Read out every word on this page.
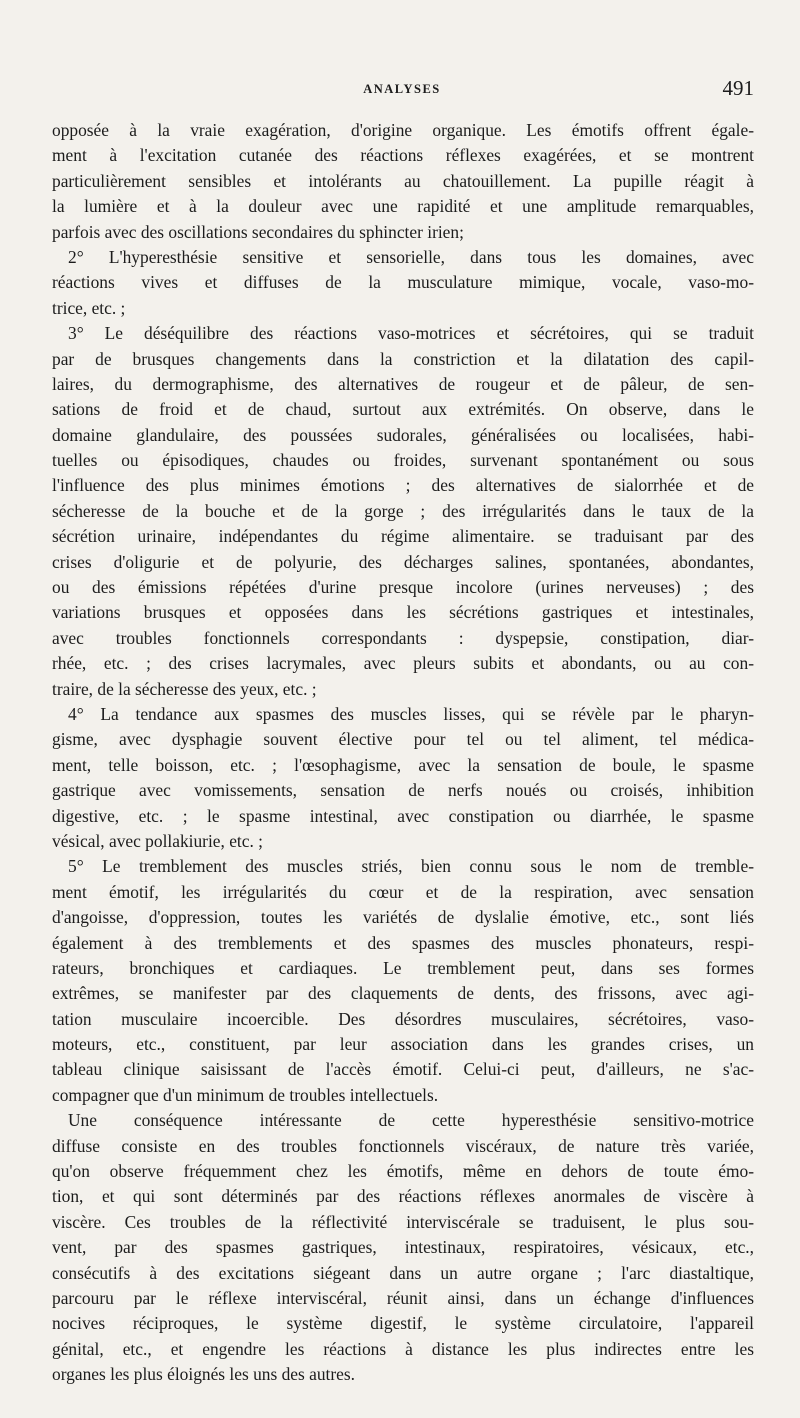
ANALYSES	491
opposée à la vraie exagération, d'origine organique. Les émotifs offrent égale-
ment à l'excitation cutanée des réactions réflexes exagérées, et se montrent
particulièrement sensibles et intolérants au chatouillement. La pupille réagit à
la lumière et à la douleur avec une rapidité et une amplitude remarquables,
parfois avec des oscillations secondaires du sphincter irien;
2° L'hyperesthésie sensitive et sensorielle, dans tous les domaines, avec
réactions vives et diffuses de la musculature mimique, vocale, vaso-mo-
trice, etc. ;
3° Le déséquilibre des réactions vaso-motrices et sécrétoires, qui se traduit
par de brusques changements dans la constriction et la dilatation des capil-
laires, du dermographisme, des alternatives de rougeur et de pâleur, de sen-
sations de froid et de chaud, surtout aux extrémités. On observe, dans le
domaine glandulaire, des poussées sudorales, généralisées ou localisées, habi-
tuelles ou épisodiques, chaudes ou froides, survenant spontanément ou sous
l'influence des plus minimes émotions ; des alternatives de sialorrhée et de
sécheresse de la bouche et de la gorge ; des irrégularités dans le taux de la
sécrétion urinaire, indépendantes du régime alimentaire. se traduisant par des
crises d'oligurie et de polyurie, des décharges salines, spontanées, abondantes,
ou des émissions répétées d'urine presque incolore (urines nerveuses) ; des
variations brusques et opposées dans les sécrétions gastriques et intestinales,
avec troubles fonctionnels correspondants : dyspepsie, constipation, diar-
rhée, etc. ; des crises lacrymales, avec pleurs subits et abondants, ou au con-
traire, de la sécheresse des yeux, etc. ;
4° La tendance aux spasmes des muscles lisses, qui se révèle par le pharyn-
gisme, avec dysphagie souvent élective pour tel ou tel aliment, tel médica-
ment, telle boisson, etc. ; l'œsophagisme, avec la sensation de boule, le spasme
gastrique avec vomissements, sensation de nerfs noués ou croisés, inhibition
digestive, etc. ; le spasme intestinal, avec constipation ou diarrhée, le spasme
vésical, avec pollakiurie, etc. ;
5° Le tremblement des muscles striés, bien connu sous le nom de tremble-
ment émotif, les irrégularités du cœur et de la respiration, avec sensation
d'angoisse, d'oppression, toutes les variétés de dyslalie émotive, etc., sont liés
également à des tremblements et des spasmes des muscles phonateurs, respi-
rateurs, bronchiques et cardiaques. Le tremblement peut, dans ses formes
extrêmes, se manifester par des claquements de dents, des frissons, avec agi-
tation musculaire incoercible. Des désordres musculaires, sécrétoires, vaso-
moteurs, etc., constituent, par leur association dans les grandes crises, un
tableau clinique saisissant de l'accès émotif. Celui-ci peut, d'ailleurs, ne s'ac-
compagner que d'un minimum de troubles intellectuels.
Une conséquence intéressante de cette hyperesthésie sensitivo-motrice
diffuse consiste en des troubles fonctionnels viscéraux, de nature très variée,
qu'on observe fréquemment chez les émotifs, même en dehors de toute émo-
tion, et qui sont déterminés par des réactions réflexes anormales de viscère à
viscère. Ces troubles de la réflectivité interviscérale se traduisent, le plus sou-
vent, par des spasmes gastriques, intestinaux, respiratoires, vésicaux, etc.,
consécutifs à des excitations siégeant dans un autre organe ; l'arc diastaltique,
parcouru par le réflexe interviscéral, réunit ainsi, dans un échange d'influences
nocives réciproques, le système digestif, le système circulatoire, l'appareil
génital, etc., et engendre les réactions à distance les plus indirectes entre les
organes les plus éloignés les uns des autres.
